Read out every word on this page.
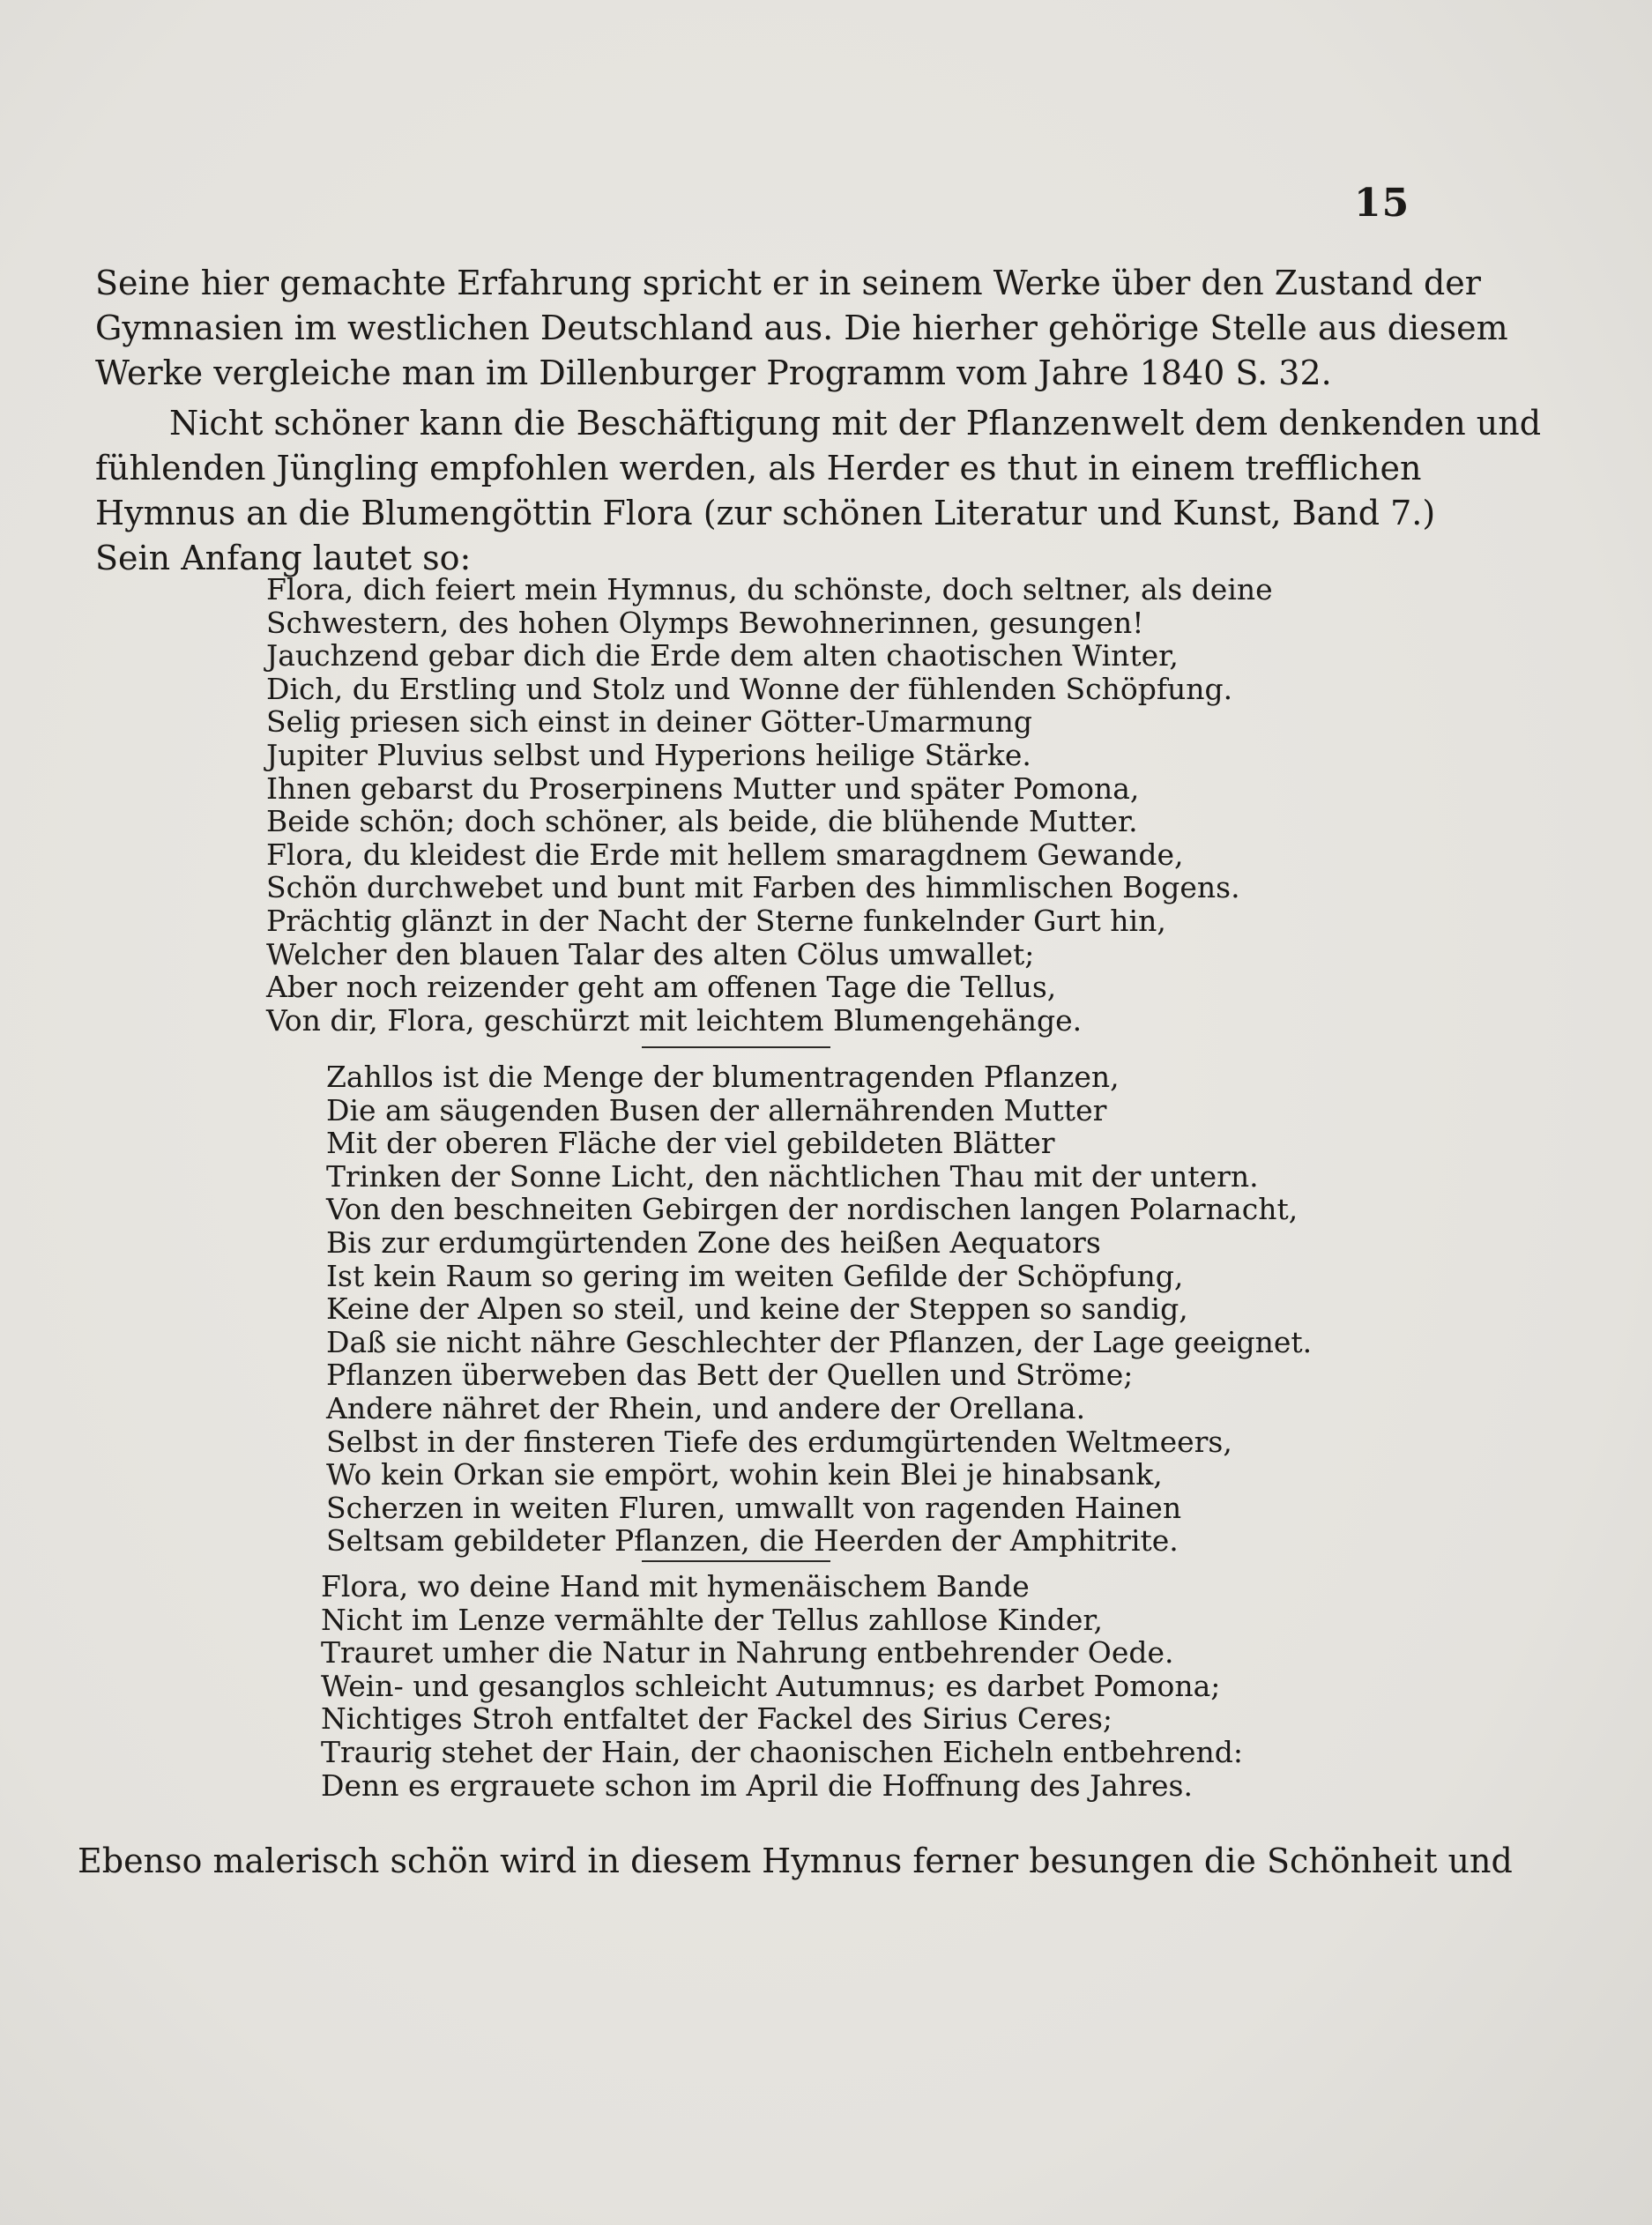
15
Seine hier gemachte Erfahrung spricht er in seinem Werke über den Zustand der
Gymnasien im westlichen Deutschland aus. Die hierher gehörige Stelle aus diesem
Werke vergleiche man im Dillenburger Programm vom Jahre 1840 S. 32.
Nicht schöner kann die Beschäftigung mit der Pflanzenwelt dem denkenden und
fühlenden Jüngling empfohlen werden, als Herder es thut in einem trefflichen
Hymnus an die Blumengöttin Flora (zur schönen Literatur und Kunst, Band 7.)
Sein Anfang lautet so:
Flora, dich feiert mein Hymnus, du schönste, doch seltner, als deine
Schwestern, des hohen Olymps Bewohnerinnen, gesungen!
Jauchzend gebar dich die Erde dem alten chaotischen Winter,
Dich, du Erstling und Stolz und Wonne der fühlenden Schöpfung.
Selig priesen sich einst in deiner Götter-Umarmung
Jupiter Pluvius selbst und Hyperions heilige Stärke.
Ihnen gebarst du Proserpinens Mutter und später Pomona,
Beide schön; doch schöner, als beide, die blühende Mutter.
Flora, du kleidest die Erde mit hellem smaragdnem Gewande,
Schön durchwebet und bunt mit Farben des himmlischen Bogens.
Prächtig glänzt in der Nacht der Sterne funkelnder Gurt hin,
Welcher den blauen Talar des alten Cölus umwallet;
Aber noch reizender geht am offenen Tage die Tellus,
Von dir, Flora, geschürzt mit leichtem Blumengehänge.
Zahllos ist die Menge der blumentragenden Pflanzen,
Die am säugenden Busen der allernährenden Mutter
Mit der oberen Fläche der viel gebildeten Blätter
Trinken der Sonne Licht, den nächtlichen Thau mit der untern.
Von den beschneiten Gebirgen der nordischen langen Polarnacht,
Bis zur erdumgürtenden Zone des heißen Aequators
Ist kein Raum so gering im weiten Gefilde der Schöpfung,
Keine der Alpen so steil, und keine der Steppen so sandig,
Daß sie nicht nähre Geschlechter der Pflanzen, der Lage geeignet.
Pflanzen überweben das Bett der Quellen und Ströme;
Andere nähret der Rhein, und andere der Orellana.
Selbst in der finsteren Tiefe des erdumgürtenden Weltmeers,
Wo kein Orkan sie empört, wohin kein Blei je hinabsank,
Scherzen in weiten Fluren, umwallt von ragenden Hainen
Seltsam gebildeter Pflanzen, die Heerden der Amphitrite.
Flora, wo deine Hand mit hymenäischem Bande
Nicht im Lenze vermählte der Tellus zahllose Kinder,
Trauret umher die Natur in Nahrung entbehrender Oede.
Wein- und gesanglos schleicht Autumnus; es darbet Pomona;
Nichtiges Stroh entfaltet der Fackel des Sirius Ceres;
Traurig stehet der Hain, der chaonischen Eicheln entbehrend:
Denn es ergrauete schon im April die Hoffnung des Jahres.
Ebenso malerisch schön wird in diesem Hymnus ferner besungen die Schönheit und
